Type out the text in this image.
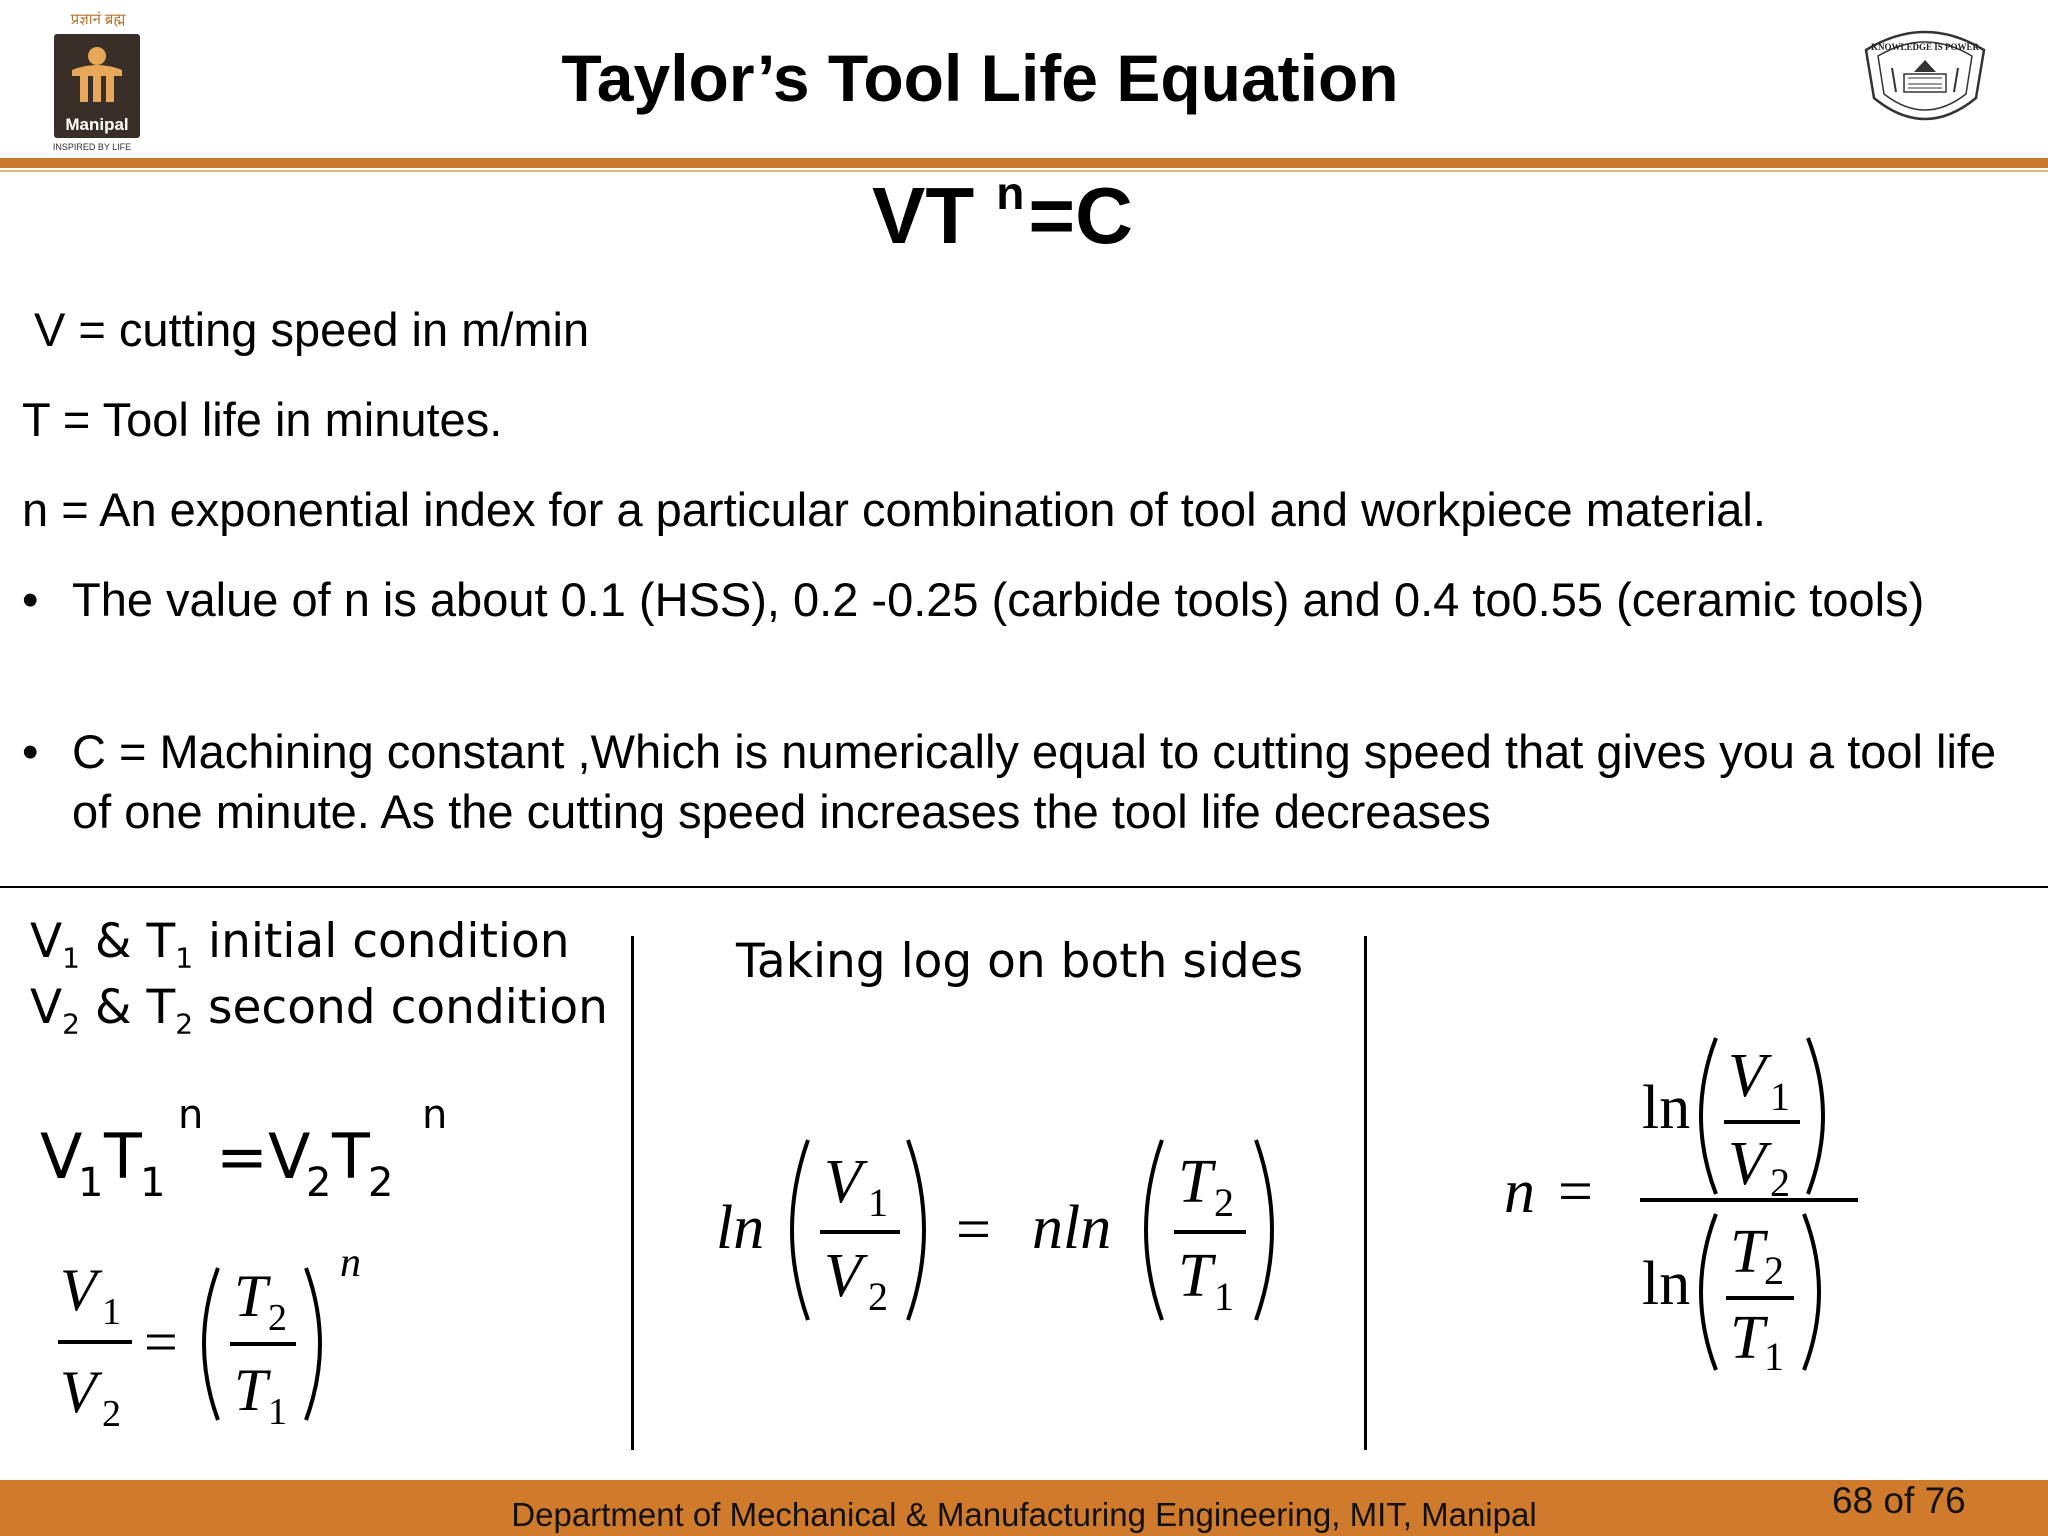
प्रज्ञानं ब्रह्म
Manipal
INSPIRED BY LIFE
Taylor’s Tool Life Equation	KNOWLEDGE IS POWER
VT $^n$=C
V = cutting speed in m/min
T = Tool life in minutes.
n = An exponential index for a particular combination of tool and workpiece material.
• The value of n is about 0.1 (HSS), 0.2 -0.25 (carbide tools) and 0.4 to0.55 (ceramic tools)
• C = Machining constant ,Which is numerically equal to cutting speed that gives you a tool life of one minute. As the cutting speed increases the tool life decreases
$V_1$ & $T_1$ initial condition
$V_2$ & $T_2$ second condition
V
1 T
1
n
= V
2 T
2
n
V 1
V 2
=
T 2
T 1
n
Taking log on both sides
ln
V 1
V 2
= nln
T 2
T 1
n =
ln V 1
V 2
ln T 2
T 1
Department of Mechanical & Manufacturing Engineering, MIT, Manipal	68 of 76
